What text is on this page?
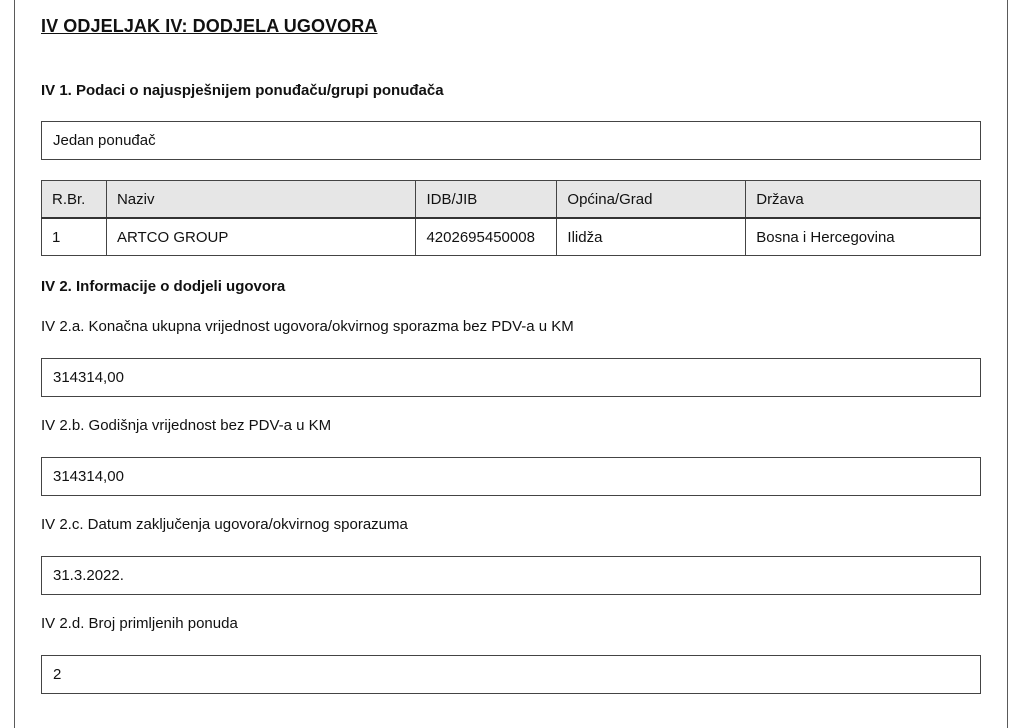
IV ODJELJAK IV: DODJELA UGOVORA
IV 1. Podaci o najuspješnijem ponuđaču/grupi ponuđača
Jedan ponuđač
R.Br.	Naziv	IDB/JIB	Općina/Grad	Država
1	ARTCO GROUP	4202695450008	Ilidža	Bosna i Hercegovina
IV 2. Informacije o dodjeli ugovora
IV 2.a. Konačna ukupna vrijednost ugovora/okvirnog sporazma bez PDV-a u KM
314314,00
IV 2.b. Godišnja vrijednost bez PDV-a u KM
314314,00
IV 2.c. Datum zaključenja ugovora/okvirnog sporazuma
31.3.2022.
IV 2.d. Broj primljenih ponuda
2
